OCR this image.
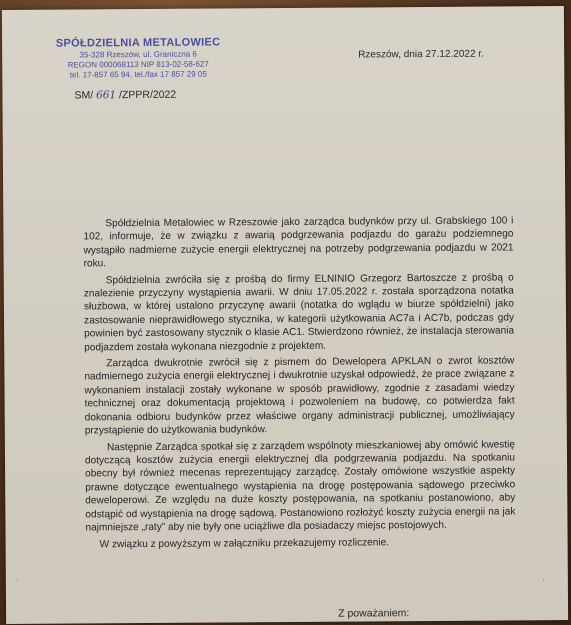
SPÓŁDZIELNIA METALOWIEC
35-328 Rzeszów, ul. Graniczna 6
REGON 000068113 NIP 813-02-58-627
tel. 17-857 65 94, tel./fax 17 857 29 05
SM/ 661 /ZPPR/2022
Rzeszów, dnia 27.12.2022 r.

Spółdzielnia Metalowiec w Rzeszowie jako zarządca budynków przy ul. Grabskiego 100 i 102, informuje, że w związku z awarią podgrzewania podjazdu do garażu podziemnego wystąpiło nadmierne zużycie energii elektrycznej na potrzeby podgrzewania podjazdu w 2021 roku.

Spółdzielnia zwróciła się z prośbą do firmy ELNINIO Grzegorz Bartoszcze z prośbą o znalezienie przyczyny wystąpienia awarii. W dniu 17.05.2022 r. została sporządzona notatka służbowa, w której ustalono przyczynę awarii (notatka do wglądu w biurze spółdzielni) jako zastosowanie nieprawidłowego stycznika, w kategorii użytkowania AC7a i AC7b, podczas gdy powinien być zastosowany stycznik o klasie AC1. Stwierdzono również, że instalacja sterowania podjazdem została wykonana niezgodnie z projektem.

Zarządca dwukrotnie zwrócił się z pismem do Dewelopera APKLAN o zwrot kosztów nadmiernego zużycia energii elektrycznej i dwukrotnie uzyskał odpowiedź, że prace związane z wykonaniem instalacji zostały wykonane w sposób prawidłowy, zgodnie z zasadami wiedzy technicznej oraz dokumentacją projektową i pozwoleniem na budowę, co potwierdza fakt dokonania odbioru budynków przez właściwe organy administracji publicznej, umożliwiający przystąpienie do użytkowania budynków.

Następnie Zarządca spotkał się z zarządem wspólnoty mieszkaniowej aby omówić kwestię dotyczącą kosztów zużycia energii elektrycznej dla podgrzewania podjazdu. Na spotkaniu obecny był również mecenas reprezentujący zarządcę. Zostały omówione wszystkie aspekty prawne dotyczące ewentualnego wystąpienia na drogę postępowania sądowego przeciwko deweloperowi. Ze względu na duże koszty postępowania, na spotkaniu postanowiono, aby odstąpić od wystąpienia na drogę sądową. Postanowiono rozłożyć koszty zużycia energii na jak najmniejsze „raty” aby nie były one uciążliwe dla posiadaczy miejsc postojowych.

W związku z powyższym w załączniku przekazujemy rozliczenie.

Z poważaniem:
ˈ	ˈ
